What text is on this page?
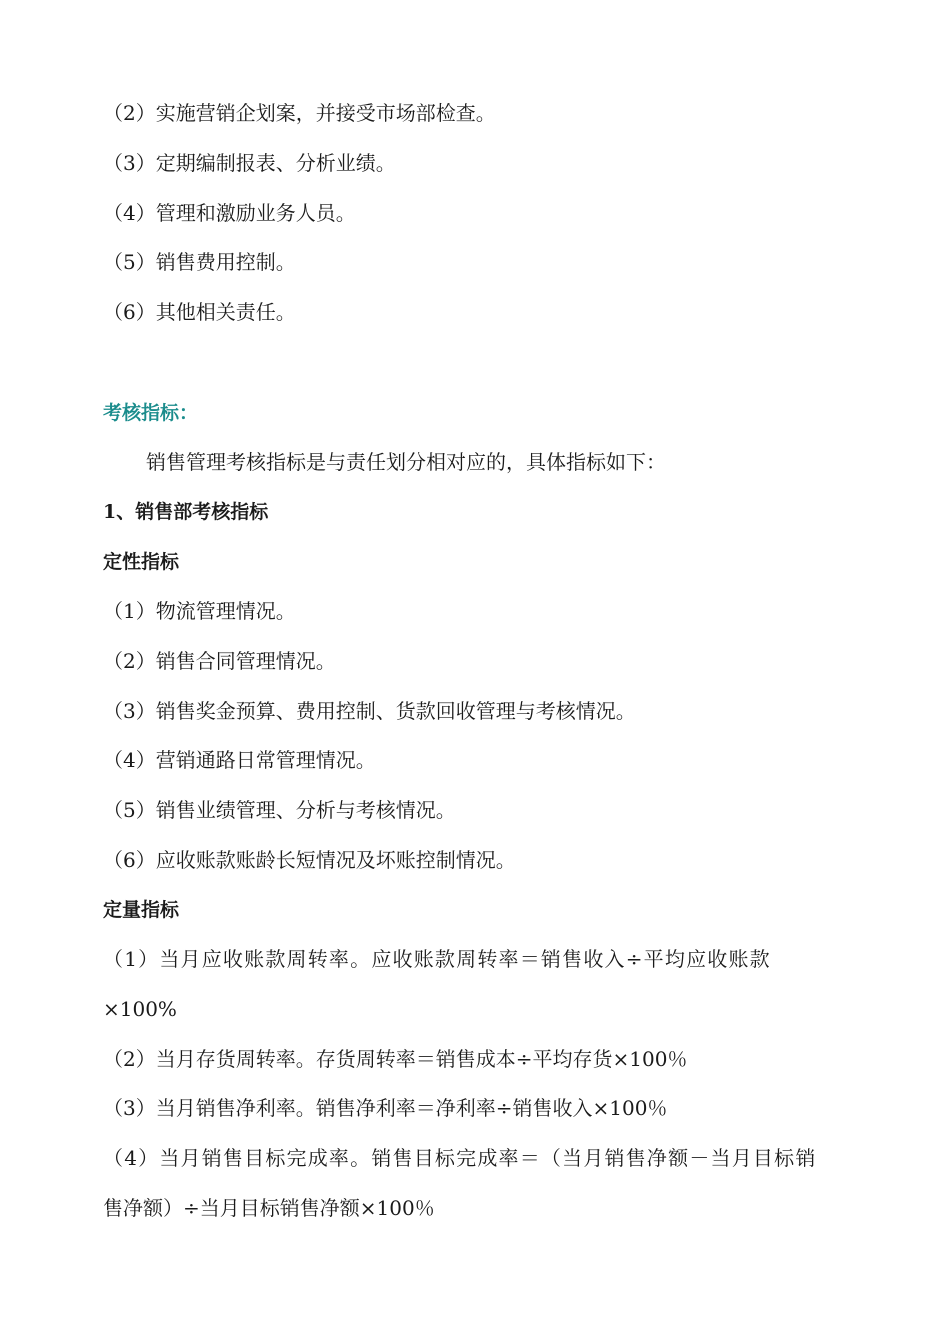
（2）实施营销企划案，并接受市场部检查。
（3）定期编制报表、分析业绩。
（4）管理和激励业务人员。
（5）销售费用控制。
（6）其他相关责任。
考核指标：
销售管理考核指标是与责任划分相对应的，具体指标如下：
1、销售部考核指标
定性指标
（1）物流管理情况。
（2）销售合同管理情况。
（3）销售奖金预算、费用控制、货款回收管理与考核情况。
（4）营销通路日常管理情况。
（5）销售业绩管理、分析与考核情况。
（6）应收账款账龄长短情况及坏账控制情况。
定量指标
（1）当月应收账款周转率。应收账款周转率＝销售收入÷平均应收账款
×100%
（2）当月存货周转率。存货周转率＝销售成本÷平均存货×100％
（3）当月销售净利率。销售净利率＝净利率÷销售收入×100％
（4）当月销售目标完成率。销售目标完成率＝（当月销售净额－当月目标销
售净额）÷当月目标销售净额×100％
